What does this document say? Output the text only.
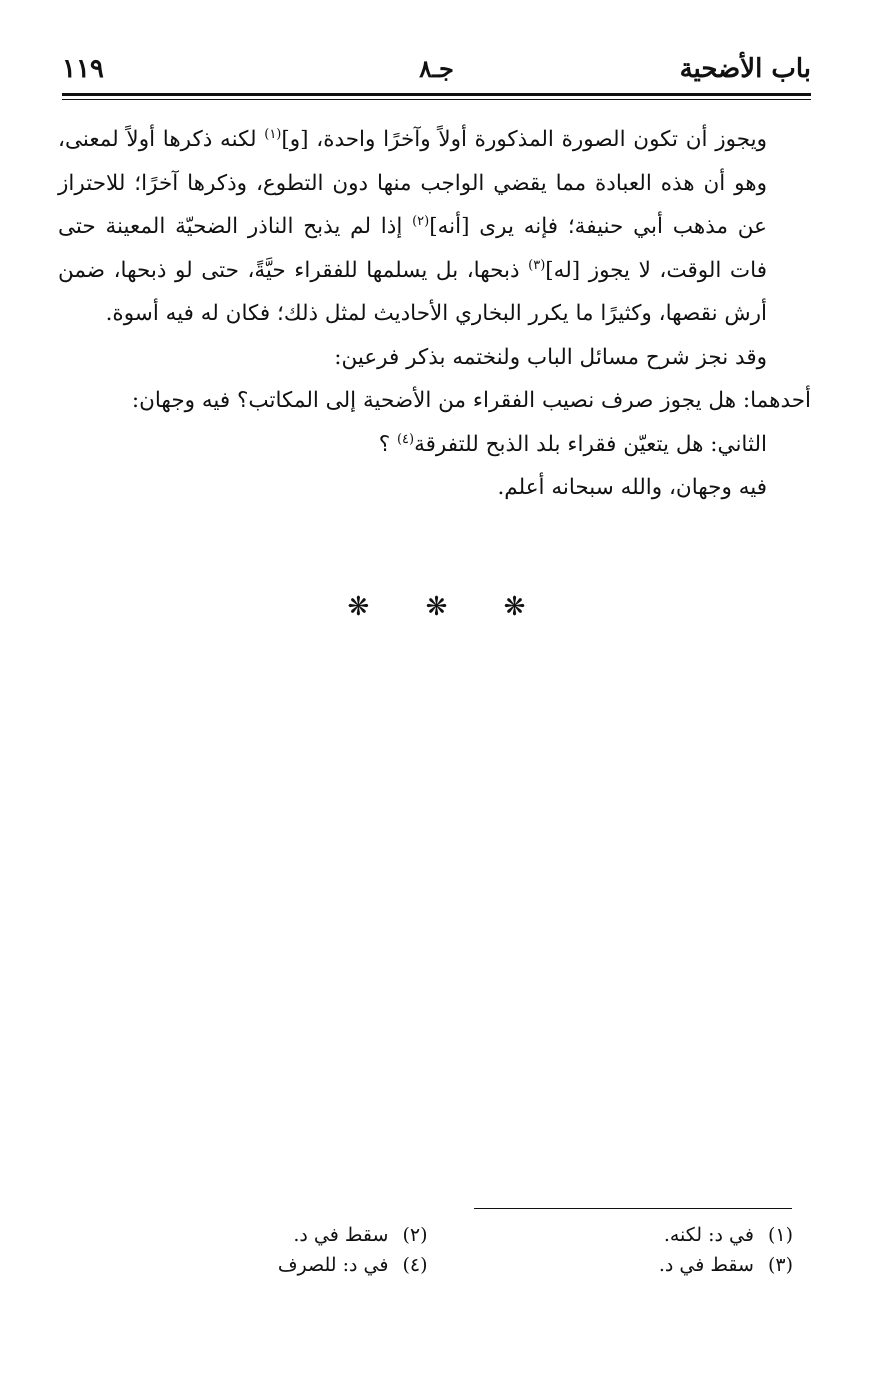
باب الأضحية
جـ٨
١١٩

ويجوز أن تكون الصورة المذكورة أولاً وآخرًا واحدة، [و]$^{(١)}$ لكنه ذكرها أولاً لمعنى، وهو أن هذه العبادة مما يقضي الواجب منها دون التطوع، وذكرها آخرًا؛ للاحتراز عن مذهب أبي حنيفة؛ فإنه يرى [أنه]$^{(٢)}$ إذا لم يذبح الناذر الضحيّة المعينة حتى فات الوقت، لا يجوز [له]$^{(٣)}$ ذبحها، بل يسلمها للفقراء حيَّةً، حتى لو ذبحها، ضمن أرش نقصها، وكثيرًا ما يكرر البخاري الأحاديث لمثل ذلك؛ فكان له فيه أسوة.

وقد نجز شرح مسائل الباب ولنختمه بذكر فرعين:

أحدهما: هل يجوز صرف نصيب الفقراء من الأضحية إلى المكاتب؟ فيه وجهان:

الثاني: هل يتعيّن فقراء بلد الذبح للتفرقة$^{(٤)}$ ؟

فيه وجهان، والله سبحانه أعلم.

❋ ❋ ❋
(١)في د: لكنه.
(٢)سقط في د.
(٣)سقط في د.
(٤)في د: للصرف
